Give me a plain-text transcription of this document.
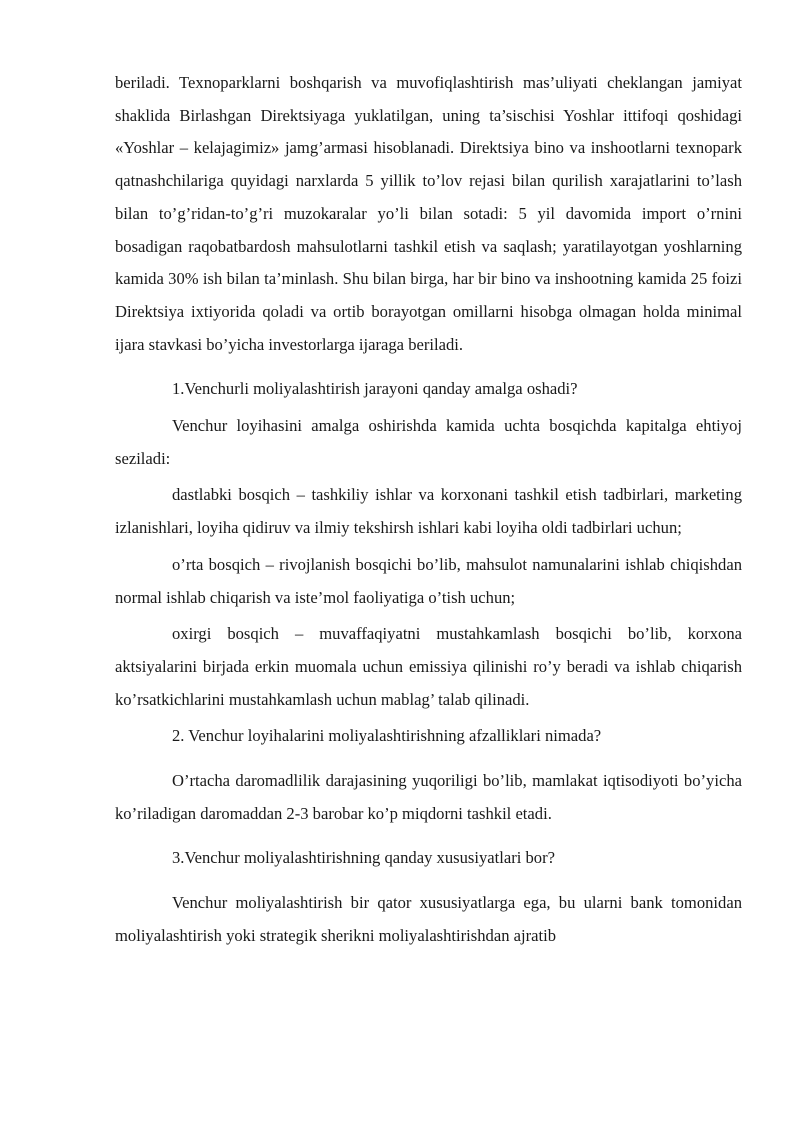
beriladi. Texnoparklarni boshqarish va muvofiqlashtirish mas’uliyati cheklangan jamiyat shaklida Birlashgan Direktsiyaga yuklatilgan, uning ta’sischisi Yoshlar ittifoqi qoshidagi «Yoshlar – kelajagimiz» jamg’armasi hisoblanadi. Direktsiya bino va inshootlarni texnopark qatnashchilariga quyidagi narxlarda 5 yillik to’lov rejasi bilan qurilish xarajatlarini to’lash bilan to’g’ridan-to’g’ri muzokaralar yo’li bilan sotadi: 5 yil davomida import o’rnini bosadigan raqobatbardosh mahsulotlarni tashkil etish va saqlash; yaratilayotgan yoshlarning kamida 30% ish bilan ta’minlash. Shu bilan birga, har bir bino va inshootning kamida 25 foizi Direktsiya ixtiyorida qoladi va ortib borayotgan omillarni hisobga olmagan holda minimal ijara stavkasi bo’yicha investorlarga ijaraga beriladi.

1.Venchurli moliyalashtirish jarayoni qanday amalga oshadi?

Venchur loyihasini amalga oshirishda kamida uchta bosqichda kapitalga ehtiyoj seziladi:

dastlabki bosqich – tashkiliy ishlar va korxonani tashkil etish tadbirlari, marketing izlanishlari, loyiha qidiruv va ilmiy tekshirsh ishlari kabi loyiha oldi tadbirlari uchun;

o’rta bosqich – rivojlanish bosqichi bo’lib, mahsulot namunalarini ishlab chiqishdan normal ishlab chiqarish va iste’mol faoliyatiga o’tish uchun;

oxirgi bosqich – muvaffaqiyatni mustahkamlash bosqichi bo’lib, korxona aktsiyalarini birjada erkin muomala uchun emissiya qilinishi ro’y beradi va ishlab chiqarish ko’rsatkichlarini mustahkamlash uchun mablag’ talab qilinadi.

2. Venchur loyihalarini moliyalashtirishning afzalliklari nimada?

O’rtacha daromadlilik darajasining yuqoriligi bo’lib, mamlakat iqtisodiyoti bo’yicha ko’riladigan daromaddan 2-3 barobar ko’p miqdorni tashkil etadi.

3.Venchur moliyalashtirishning qanday xususiyatlari bor?

Venchur moliyalashtirish bir qator xususiyatlarga ega, bu ularni bank tomonidan moliyalashtirish yoki strategik sherikni moliyalashtirishdan ajratib
